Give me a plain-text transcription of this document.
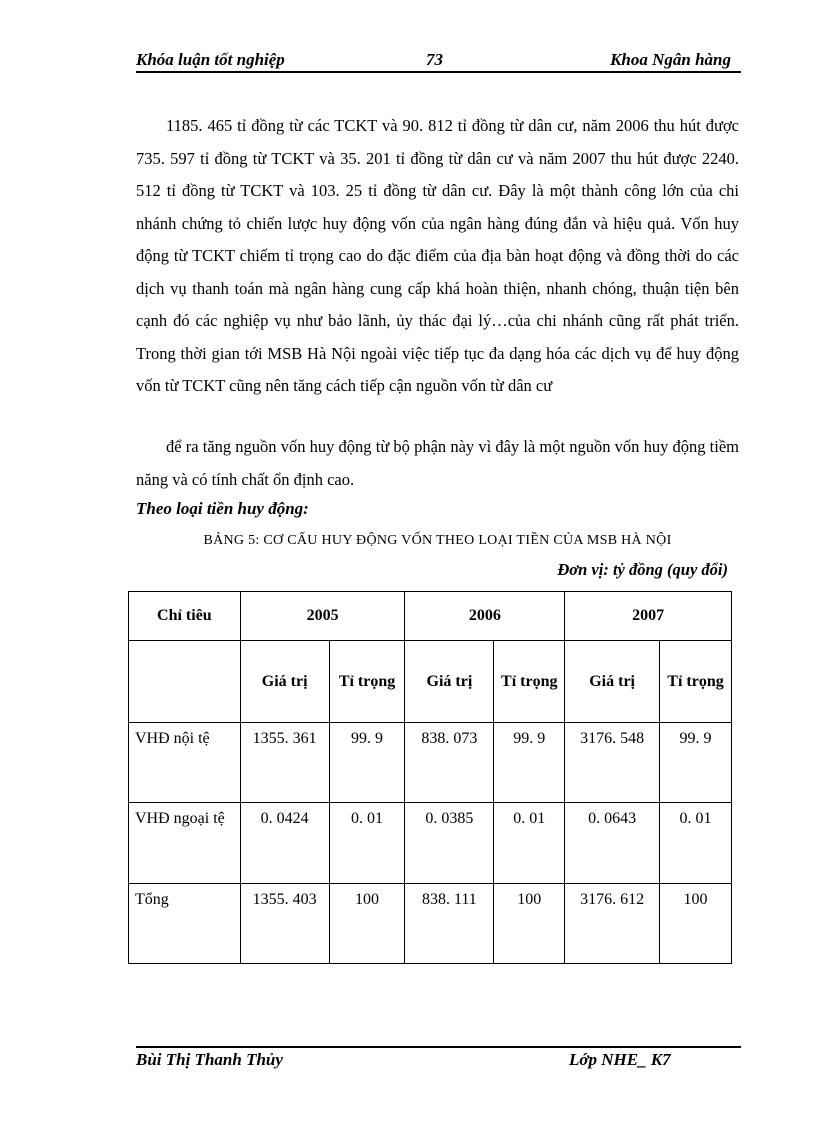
Khóa luận tốt nghiệp	73	Khoa Ngân hàng
1185. 465 tỉ đồng từ các TCKT và 90. 812 tỉ đồng từ dân cư, năm 2006 thu hút được 735. 597 tỉ đồng từ TCKT và 35. 201 tỉ đồng từ dân cư và năm 2007 thu hút được 2240. 512 tỉ đồng từ TCKT và 103. 25 tỉ đồng từ dân cư. Đây là một thành công lớn của chi nhánh chứng tỏ chiến lược huy động vốn của ngân hàng đúng đắn và hiệu quả. Vốn huy động từ TCKT chiếm tỉ trọng cao do đặc điểm của địa bàn hoạt động và đồng thời do các dịch vụ thanh toán mà ngân hàng cung cấp khá hoàn thiện, nhanh chóng, thuận tiện bên cạnh đó các nghiệp vụ như bảo lãnh, ủy thác đại lý…của chi nhánh cũng rất phát triển. Trong thời gian tới MSB Hà Nội ngoài việc tiếp tục đa dạng hóa các dịch vụ để huy động vốn từ TCKT cũng nên tăng cách tiếp cận nguồn vốn từ dân cư
để ra tăng nguồn vốn huy động từ bộ phận này vì đây là một nguồn vốn huy động tiềm năng và có tính chất ổn định cao.
Theo loại tiền huy động:
BẢNG 5: CƠ CẤU HUY ĐỘNG VỐN THEO LOẠI TIỀN CỦA MSB HÀ NỘI
Đơn vị: tỷ đồng (quy đổi)
Chỉ tiêu	2005		2006		2007	
	Giá trị	Tỉ trọng	Giá trị	Tỉ trọng	Giá trị	Tỉ trọng

VHĐ nội tệ	1355. 361	99. 9	838. 073	99. 9	3176. 548	99. 9
VHĐ ngoại tệ	0. 0424	0. 01	0. 0385	0. 01	0. 0643	0. 01
Tổng	1355. 403	100	838. 111	100	3176. 612	100
Bùi Thị Thanh Thủy	Lớp NHE_ K7
